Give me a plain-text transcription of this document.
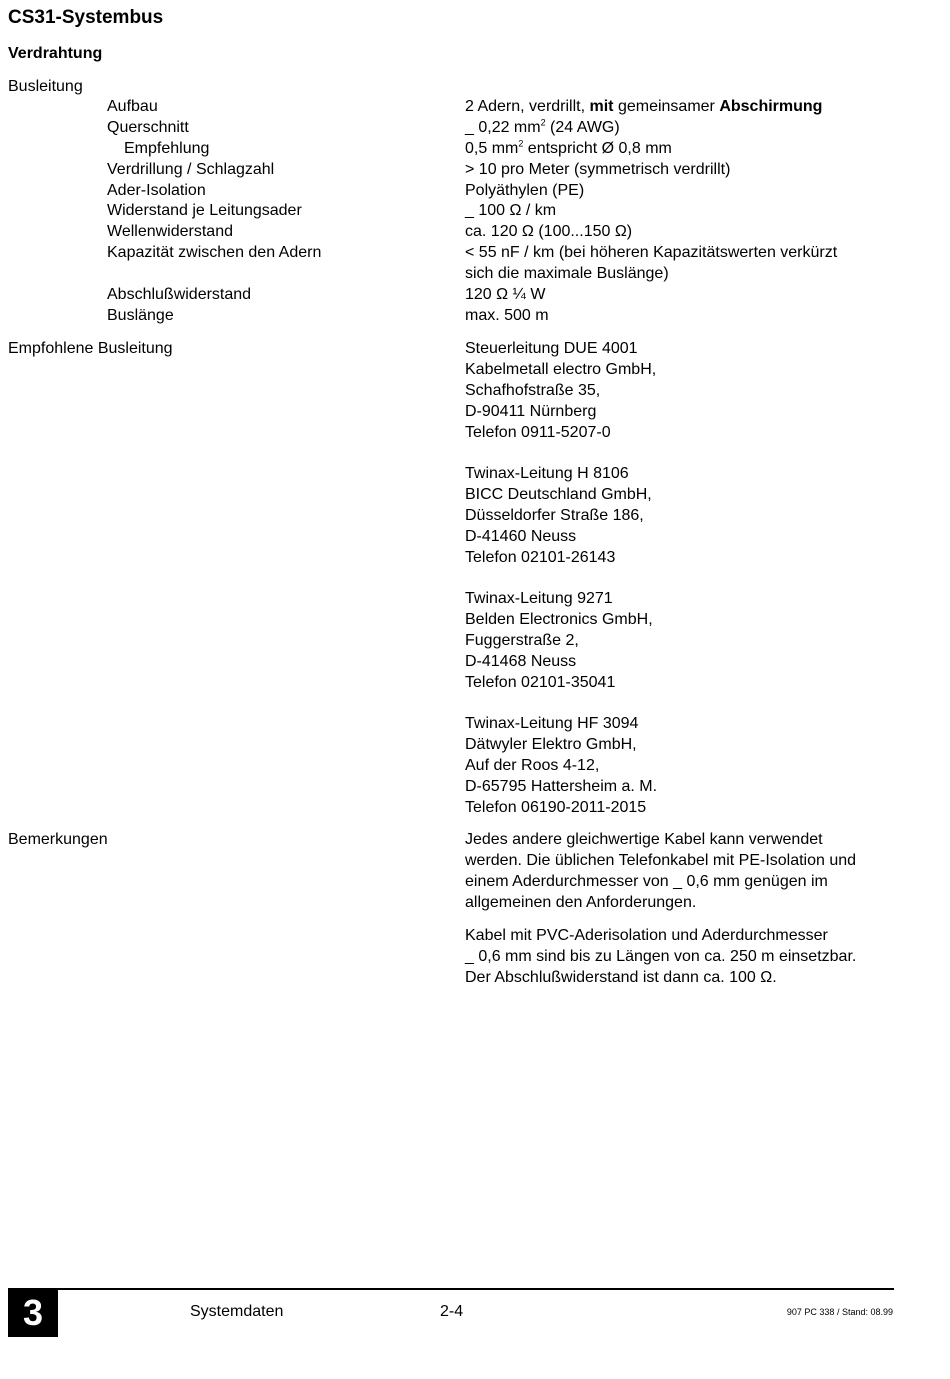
CS31-Systembus
Verdrahtung
Busleitung
Aufbau	2 Adern, verdrillt, mit gemeinsamer Abschirmung
Querschnitt	_ 0,22 $mm^2$ (24 AWG)
Empfehlung	0,5 $mm^2$ entspricht Ø 0,8 mm
Verdrillung / Schlagzahl	> 10 pro Meter (symmetrisch verdrillt)
Ader-Isolation	Polyäthylen (PE)
Widerstand je Leitungsader	_ 100 Ω / km
Wellenwiderstand	ca. 120 Ω (100...150 Ω)
Kapazität zwischen den Adern	< 55 nF / km (bei höheren Kapazitätswerten verkürzt
sich die maximale Buslänge)
Abschlußwiderstand	120 Ω ¼ W
Buslänge	max. 500 m
Empfohlene Busleitung	Steuerleitung DUE 4001
Kabelmetall electro GmbH,
Schafhofstraße 35,
D-90411 Nürnberg
Telefon 0911-5207-0
Twinax-Leitung H 8106
BICC Deutschland GmbH,
Düsseldorfer Straße 186,
D-41460 Neuss
Telefon 02101-26143
Twinax-Leitung 9271
Belden Electronics GmbH,
Fuggerstraße 2,
D-41468 Neuss
Telefon 02101-35041
Twinax-Leitung HF 3094
Dätwyler Elektro GmbH,
Auf der Roos 4-12,
D-65795 Hattersheim a. M.
Telefon 06190-2011-2015
Bemerkungen	Jedes andere gleichwertige Kabel kann verwendet
werden. Die üblichen Telefonkabel mit PE-Isolation und
einem Aderdurchmesser von _ 0,6 mm genügen im
allgemeinen den Anforderungen.
Kabel mit PVC-Aderisolation und Aderdurchmesser
_ 0,6 mm sind bis zu Längen von ca. 250 m einsetzbar.
Der Abschlußwiderstand ist dann ca. 100 Ω.
3	Systemdaten	2-4	907 PC 338 / Stand: 08.99
